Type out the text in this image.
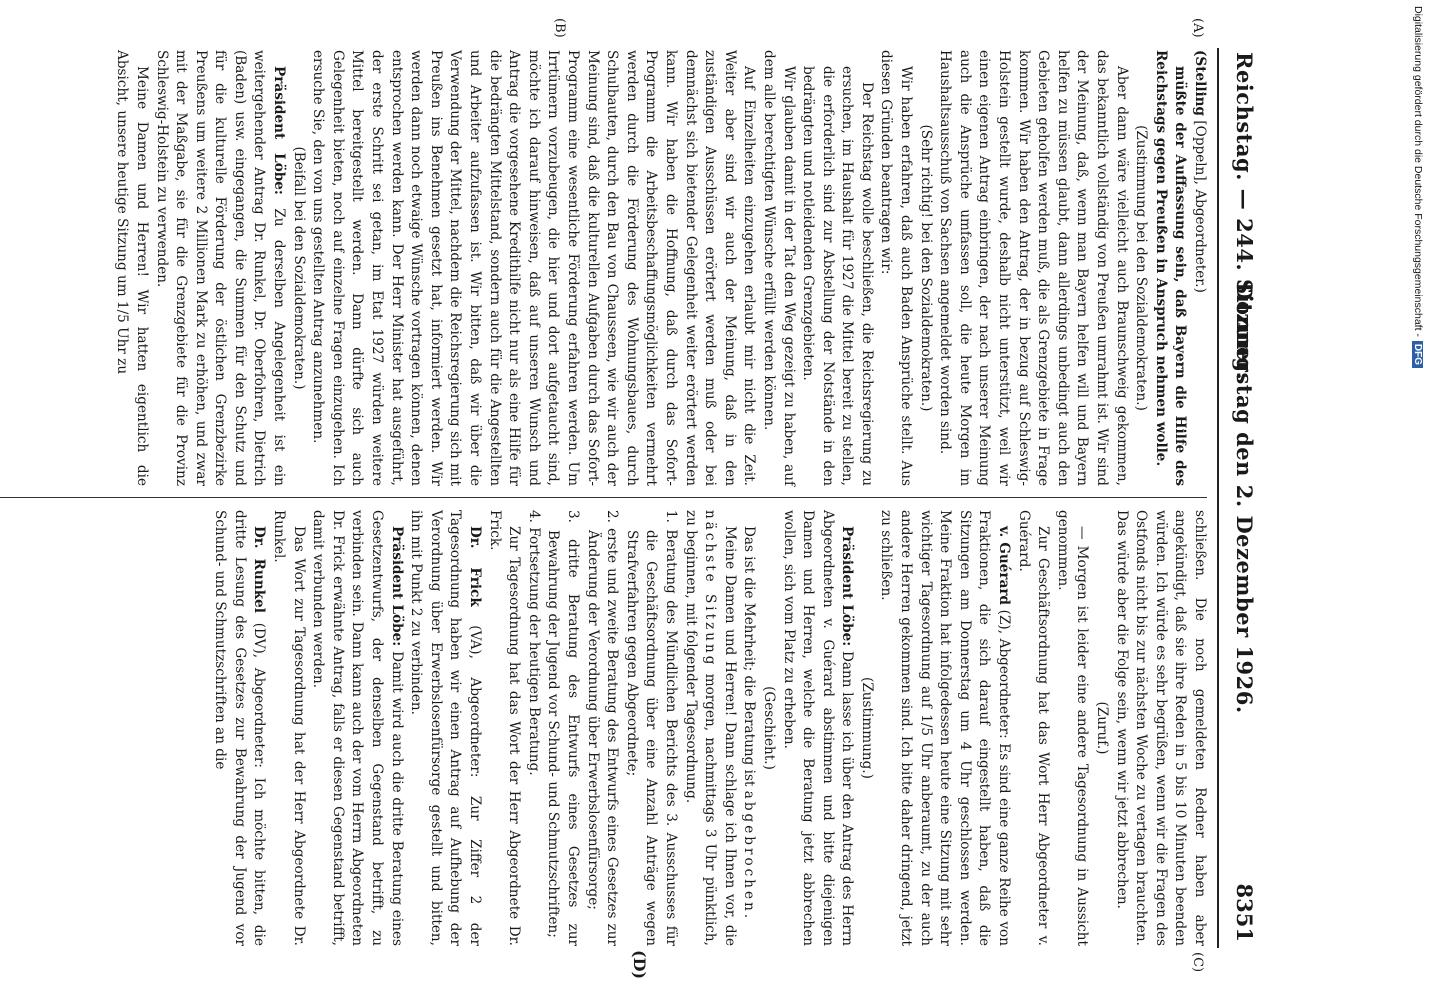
Reichstag. — 244. Sitzung.
Donnerstag den 2. Dezember 1926.
8351
(A)
(B)
(C)
(D)

(Stelling [Oppeln], Abgeordneter.)

müßte der Auffassung sein, daß Bayern die Hilfe des Reichstags gegen Preußen in Anspruch nehmen wolle.

(Zustimmung bei den Sozialdemokraten.)

Aber dann wäre vielleicht auch Braunschweig gekommen, das bekanntlich vollständig von Preußen umrahmt ist. Wir sind der Meinung, daß, wenn man Bayern helfen will und Bayern helfen zu müssen glaubt, dann allerdings unbedingt auch den Gebieten geholfen werden muß, die als Grenzgebiete in Frage kommen. Wir haben den Antrag, der in bezug auf Schleswig-Holstein gestellt wurde, deshalb nicht unterstützt, weil wir einen eigenen Antrag einbringen, der nach unserer Meinung auch die Ansprüche umfassen soll, die heute Morgen im Haushaltsausschuß von Sachsen angemeldet worden sind.

(Sehr richtig! bei den Sozialdemokraten.)

Wir haben erfahren, daß auch Baden Ansprüche stellt. Aus diesen Gründen beantragen wir:

Der Reichstag wolle beschließen, die Reichsregierung zu ersuchen, im Haushalt für 1927 die Mittel bereit zu stellen, die erforderlich sind zur Abstellung der Notstände in den bedrängten und notleidenden Grenzgebieten.

Wir glauben damit in der Tat den Weg gezeigt zu haben, auf dem alle berechtigten Wünsche erfüllt werden können.

Auf Einzelheiten einzugehen erlaubt mir nicht die Zeit. Weiter aber sind wir auch der Meinung, daß in den zuständigen Ausschüssen erörtert werden muß oder bei demnächst sich bietender Gelegenheit weiter erörtert werden kann. Wir haben die Hoffnung, daß durch das Sofort-Programm die Arbeitsbeschaffungsmöglichkeiten vermehrt werden durch die Förderung des Wohnungsbaues, durch Schulbauten, durch den Bau von Chausseen, wie wir auch der Meinung sind, daß die kulturellen Aufgaben durch das Sofort-Programm eine wesentliche Förderung erfahren werden. Um Irrtümern vorzubeugen, die hier und dort aufgetaucht sind, möchte ich darauf hinweisen, daß auf unseren Wunsch und Antrag die vorgesehene Kredithilfe nicht nur als eine Hilfe für die bedrängten Mittelstand, sondern auch für die Angestellten und Arbeiter aufzufassen ist. Wir bitten, daß wir über die Verwendung der Mittel, nachdem die Reichsregierung sich mit Preußen ins Benehmen gesetzt hat, informiert werden. Wir werden dann noch etwaige Wünsche vortragen können, denen entsprochen werden kann. Der Herr Minister hat ausgeführt, der erste Schritt sei getan, im Etat 1927 würden weitere Mittel bereitgestellt werden. Dann dürfte sich auch Gelegenheit bieten, noch auf einzelne Fragen einzugehen. Ich ersuche Sie, den von uns gestellten Antrag anzunehmen.

(Beifall bei den Sozialdemokraten.)

Präsident Löbe: Zu derselben Angelegenheit ist ein weitergehender Antrag Dr. Runkel, Dr. Oberfohren, Dietrich (Baden) usw. eingegangen, die Summen für den Schutz und für die kulturelle Förderung der östlichen Grenzbezirke Preußens um weitere 2 Millionen Mark zu erhöhen, und zwar mit der Maßgabe, sie für die Grenzgebiete für die Provinz Schleswig-Holstein zu verwenden.

Meine Damen und Herren! Wir hatten eigentlich die Absicht, unsere heutige Sitzung um 1/5 Uhr zu

schließen. Die noch gemeldeten Redner haben aber angekündigt, daß sie ihre Reden in 5 bis 10 Minuten beenden würden. Ich würde es sehr begrüßen, wenn wir die Fragen des Ostfonds nicht bis zur nächsten Woche zu vertagen brauchten. Das würde aber die Folge sein, wenn wir jetzt abbrechen.

(Zuruf.)

— Morgen ist leider eine andere Tagesordnung in Aussicht genommen.

Zur Geschäftsordnung hat das Wort Herr Abgeordneter v. Guérard.

v. Guérard (Z), Abgeordneter: Es sind eine ganze Reihe von Fraktionen, die sich darauf eingestellt haben, daß die Sitzungen am Donnerstag um 4 Uhr geschlossen werden. Meine Fraktion hat infolgedessen heute eine Sitzung mit sehr wichtiger Tagesordnung auf 1/5 Uhr anberaumt, zu der auch andere Herren gekommen sind. Ich bitte daher dringend, jetzt zu schließen.

(Zustimmung.)

Präsident Löbe: Dann lasse ich über den Antrag des Herrn Abgeordneten v. Guérard abstimmen und bitte diejenigen Damen und Herren, welche die Beratung jetzt abbrechen wollen, sich vom Platz zu erheben.

(Geschieht.)

Das ist die Mehrheit; die Beratung ist abgebrochen.

Meine Damen und Herren! Dann schlage ich Ihnen vor, die nächste Sitzung morgen, nachmittags 3 Uhr pünktlich, zu beginnen, mit folgender Tagesordnung.

1. Beratung des Mündlichen Berichts des 3. Ausschusses für die Geschäftsordnung über eine Anzahl Anträge wegen Strafverfahren gegen Abgeordnete;

2. erste und zweite Beratung des Entwurfs eines Gesetzes zur Änderung der Verordnung über Erwerbslosenfürsorge;

3. dritte Beratung des Entwurfs eines Gesetzes zur Bewahrung der Jugend vor Schund- und Schmutzschriften;

4. Fortsetzung der heutigen Beratung.

Zur Tagesordnung hat das Wort der Herr Abgeordnete Dr. Frick.

Dr. Frick (VA), Abgeordneter: Zur Ziffer 2 der Tagesordnung haben wir einen Antrag auf Aufhebung der Verordnung über Erwerbslosenfürsorge gestellt und bitten, ihn mit Punkt 2 zu verbinden.

Präsident Löbe: Damit wird auch die dritte Beratung eines Gesetzentwurfs, der denselben Gegenstand betrifft, zu verbinden sein. Dann kann auch der vom Herrn Abgeordneten Dr. Frick erwähnte Antrag, falls er diesen Gegenstand betrifft, damit verbunden werden.

Das Wort zur Tagesordnung hat der Herr Abgeordnete Dr. Runkel.

Dr. Runkel (DV), Abgeordneter: Ich möchte bitten, die dritte Lesung des Gesetzes zur Bewahrung der Jugend vor Schund- und Schmutzschriften an die

Digitalisierung gefördert durch die Deutsche Forschungsgemeinschaft -DFG
